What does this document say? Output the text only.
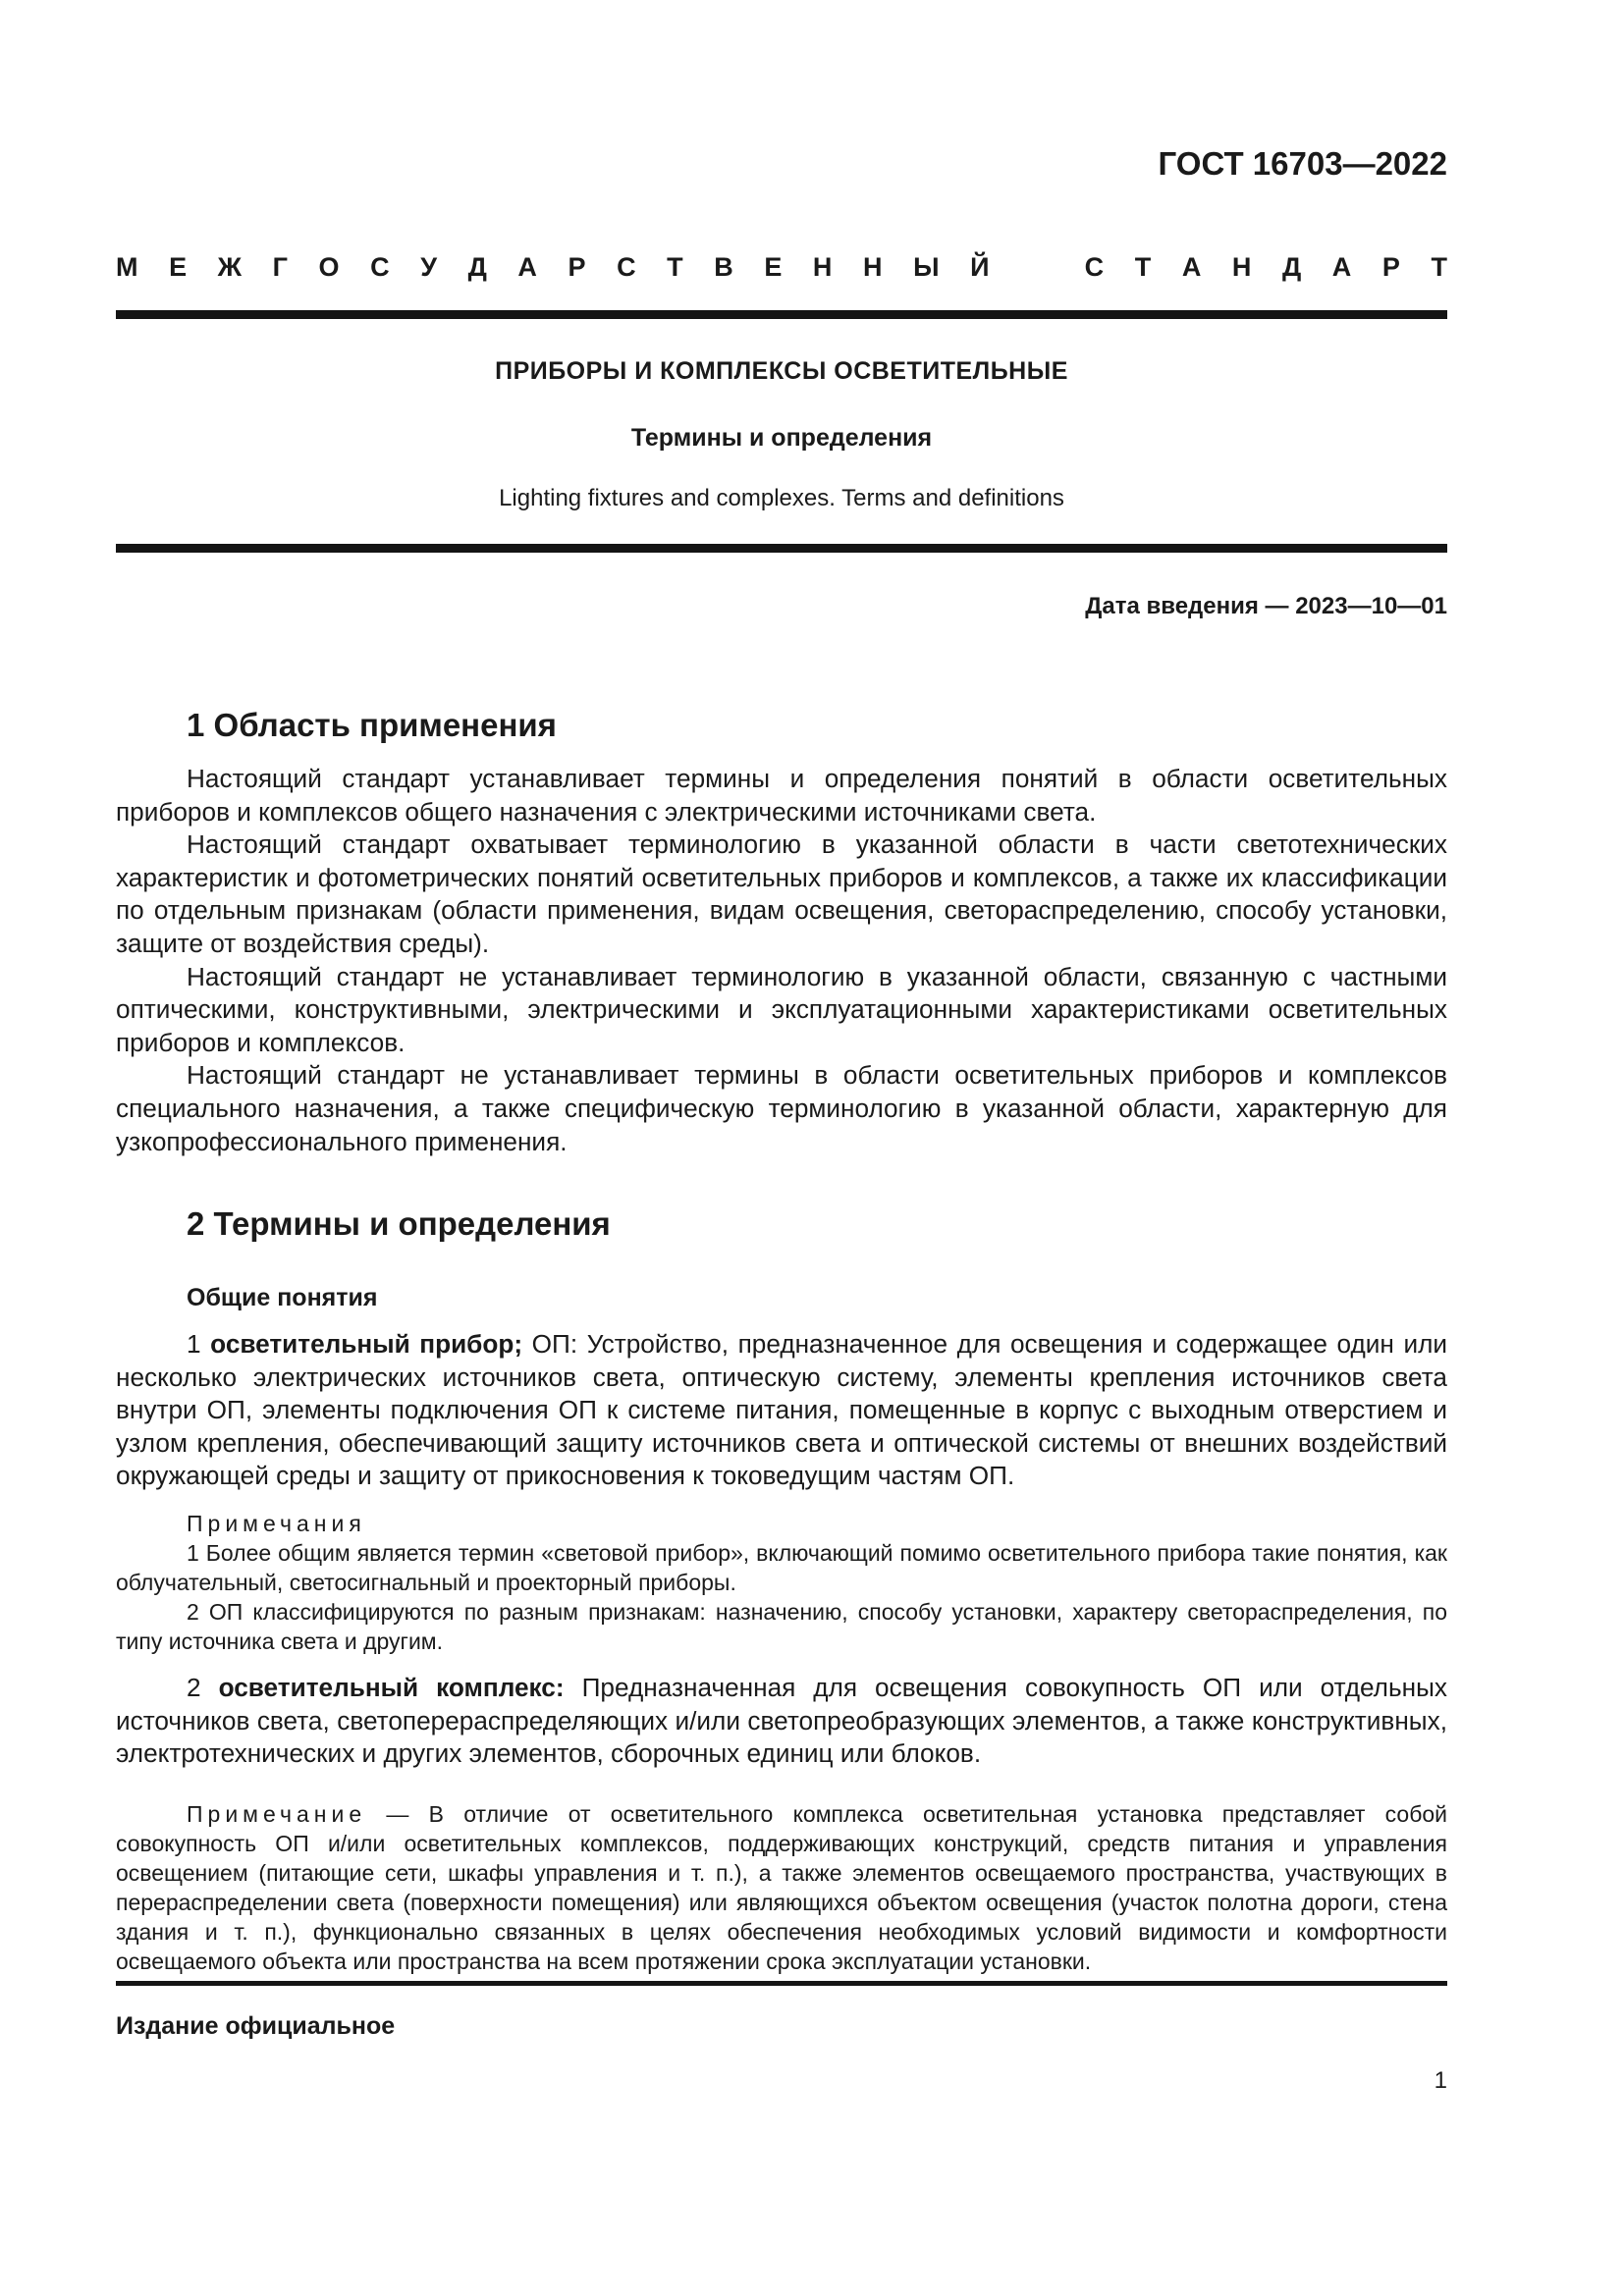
ГОСТ 16703—2022
М Е Ж Г О С У Д А Р С Т В Е Н Н Ы Й	С Т А Н Д А Р Т
ПРИБОРЫ И КОМПЛЕКСЫ ОСВЕТИТЕЛЬНЫЕ
Термины и определения
Lighting fixtures and complexes. Terms and definitions
Дата введения — 2023—10—01
1 Область применения

Настоящий стандарт устанавливает термины и определения понятий в области осветительных приборов и комплексов общего назначения с электрическими источниками света.

Настоящий стандарт охватывает терминологию в указанной области в части светотехнических характеристик и фотометрических понятий осветительных приборов и комплексов, а также их классификации по отдельным признакам (области применения, видам освещения, светораспределению, способу установки, защите от воздействия среды).

Настоящий стандарт не устанавливает терминологию в указанной области, связанную с частными оптическими, конструктивными, электрическими и эксплуатационными характеристиками осветительных приборов и комплексов.

Настоящий стандарт не устанавливает термины в области осветительных приборов и комплексов специального назначения, а также специфическую терминологию в указанной области, характерную для узкопрофессионального применения.

2 Термины и определения
Общие понятия

1 осветительный прибор; ОП: Устройство, предназначенное для освещения и содержащее один или несколько электрических источников света, оптическую систему, элементы крепления источников света внутри ОП, элементы подключения ОП к системе питания, помещенные в корпус с выходным отверстием и узлом крепления, обеспечивающий защиту источников света и оптической системы от внешних воздействий окружающей среды и защиту от прикосновения к токоведущим частям ОП.

Примечания

1 Более общим является термин «световой прибор», включающий помимо осветительного прибора такие понятия, как облучательный, светосигнальный и проекторный приборы.

2 ОП классифицируются по разным признакам: назначению, способу установки, характеру светораспределения, по типу источника света и другим.

2 осветительный комплекс: Предназначенная для освещения совокупность ОП или отдельных источников света, светоперераспределяющих и/или светопреобразующих элементов, а также конструктивных, электротехнических и других элементов, сборочных единиц или блоков.

Примечание — В отличие от осветительного комплекса осветительная установка представляет собой совокупность ОП и/или осветительных комплексов, поддерживающих конструкций, средств питания и управления освещением (питающие сети, шкафы управления и т. п.), а также элементов освещаемого пространства, участвующих в перераспределении света (поверхности помещения) или являющихся объектом освещения (участок полотна дороги, стена здания и т. п.), функционально связанных в целях обеспечения необходимых условий видимости и комфортности освещаемого объекта или пространства на всем протяжении срока эксплуатации установки.

Издание официальное
1
